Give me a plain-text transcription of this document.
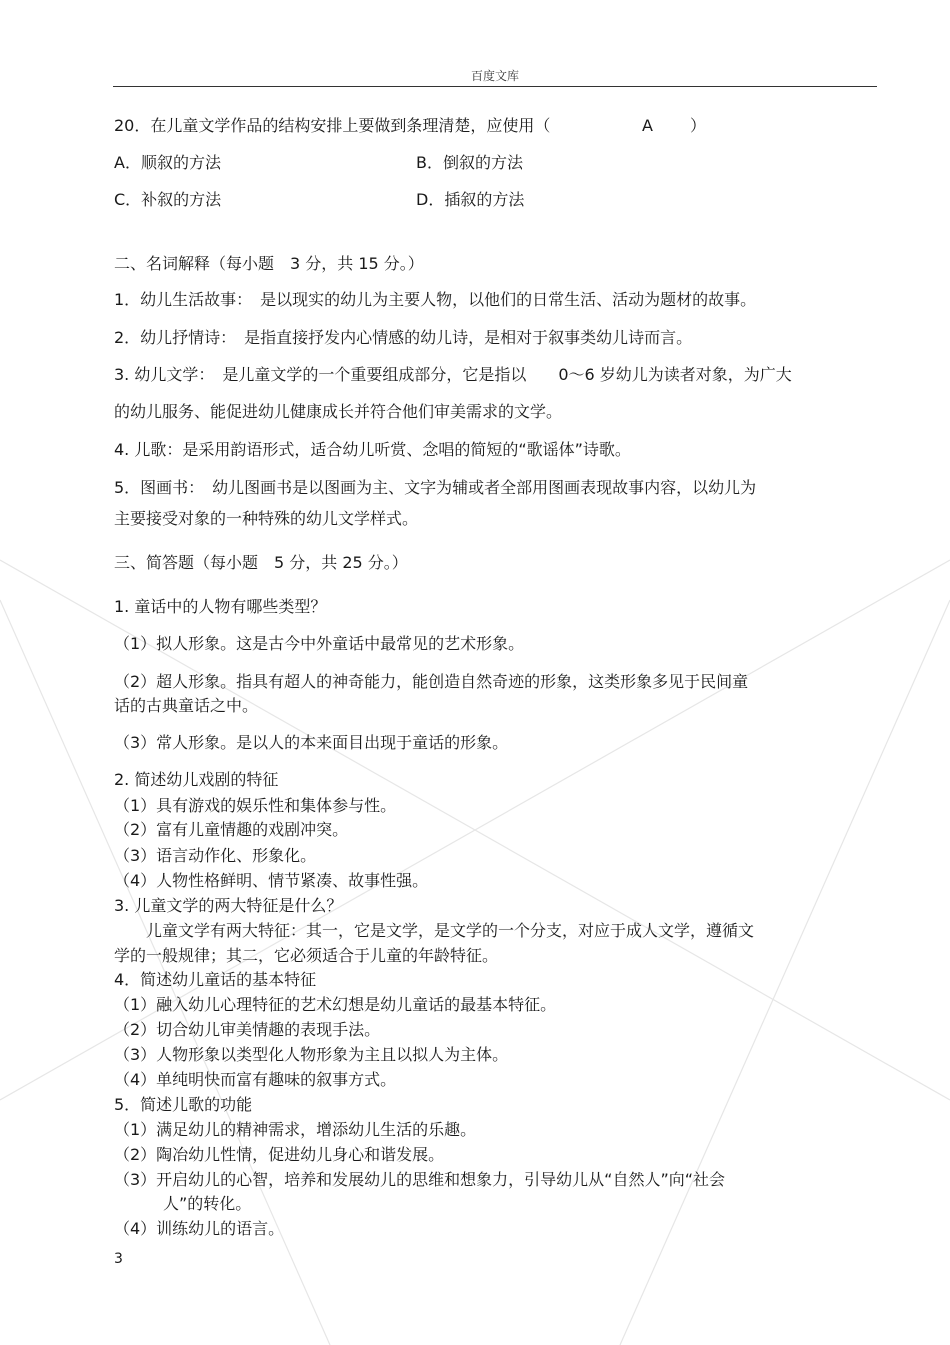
百度文库
20．在儿童文学作品的结构安排上要做到条理清楚，应使用（	A ）
A．顺叙的方法	B．倒叙的方法
C．补叙的方法	D．插叙的方法
二、名词解释（每小题　3 分，共 15 分。）
1．幼儿生活故事：　是以现实的幼儿为主要人物，以他们的日常生活、活动为题材的故事。
2．幼儿抒情诗：　是指直接抒发内心情感的幼儿诗，是相对于叙事类幼儿诗而言。
3. 幼儿文学：　是儿童文学的一个重要组成部分，它是指以　　0～6 岁幼儿为读者对象，为广大
的幼儿服务、能促进幼儿健康成长并符合他们审美需求的文学。
4. 儿歌：是采用韵语形式，适合幼儿听赏、念唱的简短的“歌谣体”诗歌。
5．图画书：　幼儿图画书是以图画为主、文字为辅或者全部用图画表现故事内容，以幼儿为
主要接受对象的一种特殊的幼儿文学样式。
三、简答题（每小题　5 分，共 25 分。）
1. 童话中的人物有哪些类型？
（1）拟人形象。这是古今中外童话中最常见的艺术形象。
（2）超人形象。指具有超人的神奇能力，能创造自然奇迹的形象，这类形象多见于民间童
话的古典童话之中。
（3）常人形象。是以人的本来面目出现于童话的形象。
2. 简述幼儿戏剧的特征
（1）具有游戏的娱乐性和集体参与性。
（2）富有儿童情趣的戏剧冲突。
（3）语言动作化、形象化。
（4）人物性格鲜明、情节紧凑、故事性强。
3. 儿童文学的两大特征是什么？
儿童文学有两大特征：其一，它是文学，是文学的一个分支，对应于成人文学，遵循文
学的一般规律；其二，它必须适合于儿童的年龄特征。
4．简述幼儿童话的基本特征
（1）融入幼儿心理特征的艺术幻想是幼儿童话的最基本特征。
（2）切合幼儿审美情趣的表现手法。
（3）人物形象以类型化人物形象为主且以拟人为主体。
（4）单纯明快而富有趣味的叙事方式。
5．简述儿歌的功能
（1）满足幼儿的精神需求，增添幼儿生活的乐趣。
（2）陶冶幼儿性情，促进幼儿身心和谐发展。
（3）开启幼儿的心智，培养和发展幼儿的思维和想象力，引导幼儿从“自然人”向“社会
人”的转化。
（4）训练幼儿的语言。
3
